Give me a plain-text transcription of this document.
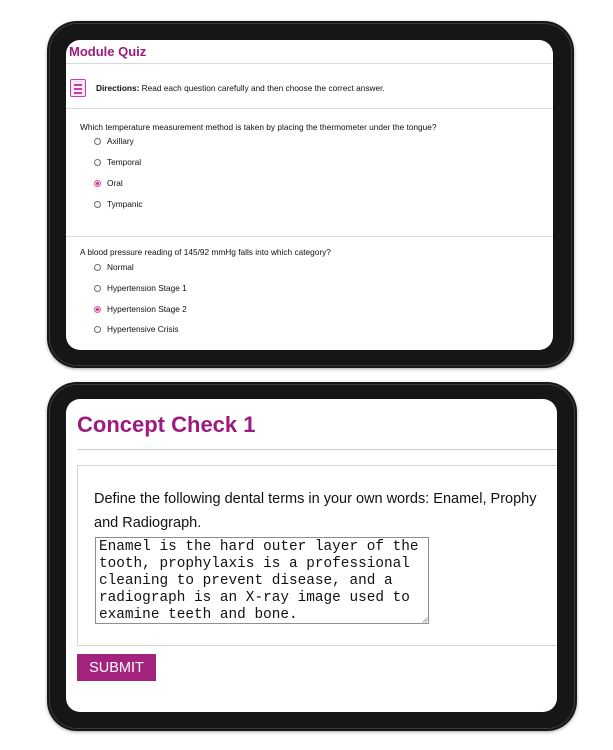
Module Quiz
Directions: Read each question carefully and then choose the correct answer.
Which temperature measurement method is taken by placing the thermometer under the tongue?
Axillary
Temporal
Oral
Tympanic
A blood pressure reading of 145/92 mmHg falls into which category?
Normal
Hypertension Stage 1
Hypertension Stage 2
Hypertensive Crisis
Concept Check 1
Define the following dental terms in your own words: Enamel, Prophy
and Radiograph.
Enamel is the hard outer layer of the tooth, prophylaxis is a professional cleaning to prevent disease, and a radiograph is an X-ray image used to examine teeth and bone.
SUBMIT
